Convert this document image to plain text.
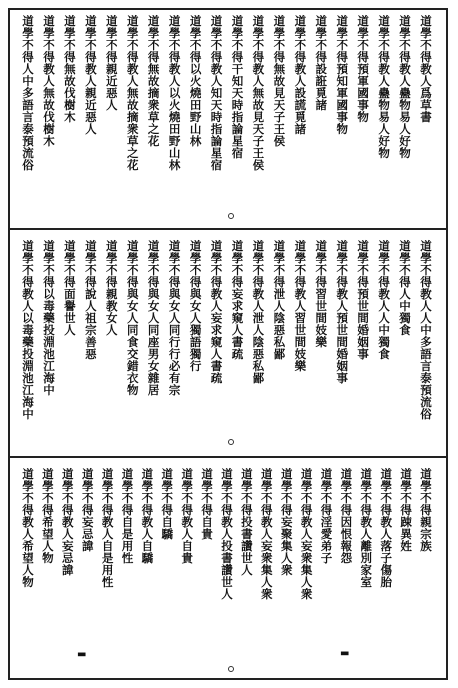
▬	▬
道學不得教人爲草書
道學不得教人蠱物易人好物
道學不得教人蠱物易人好物
道學不得預軍國事物
道學不得預知軍國事物
道學不得設誑覓諸
道學不得教人設謊覓諸
道學不得無故見天子王侯
道學不得教人無故見天子王侯
道學不得干知天時指論星宿
道學不得教人知天時指論星宿
道學不得以火燒田野山林
道學不得教人以火燒田野山林
道學不得無故摘衆草之花
道學不得教人無故摘衆草之花
道學不得親近惡人
道學不得教人親近惡人
道學不得無故伐樹木
道學不得教人無故伐樹木
道學不得人中多語言泰預流俗
道學不得教人人中多語言泰預流俗
道學不得人中獨食
道學不得教人人中獨食
道學不得預世間婚姻事
道學不得教人預世間婚姻事
道學不得習世間妓樂
道學不得教人習世間妓樂
道學不得泄人陰惡私鄙
道學不得教人泄人陰惡私鄙
道學不得妄求窺人書疏
道學不得教人妄求窺人書疏
道學不得與女人獨語獨行
道學不得與女人同行行必有宗
道學不得與女人同座男女雜居
道學不得與女人同食交錯衣物
道學不得親教女人
道學不得說人祖宗善惡
道學不得面譽世人
道學不得以毒藥投淵池江海中
道學不得教人以毒藥投淵池江海中
道學不得親宗族
道學不得踈異姓
道學不得教人落子傷胎
道學不得教人離別家室
道學不得因恨報怨
道學不得淫愛弟子
道學不得教人妄衆集人衆
道學不得妄聚集人衆
道學不得教人妄衆集人衆
道學不得投書讚世人
道學不得教人投書讚世人
道學不得自貴
道學不得教人自貴
道學不得自驕
道學不得教人自驕
道學不得自是用性
道學不得教人自是用性
道學不得妄忌諱
道學不得教人妄忌諱
道學不得希望人物
道學不得教人希望人物
